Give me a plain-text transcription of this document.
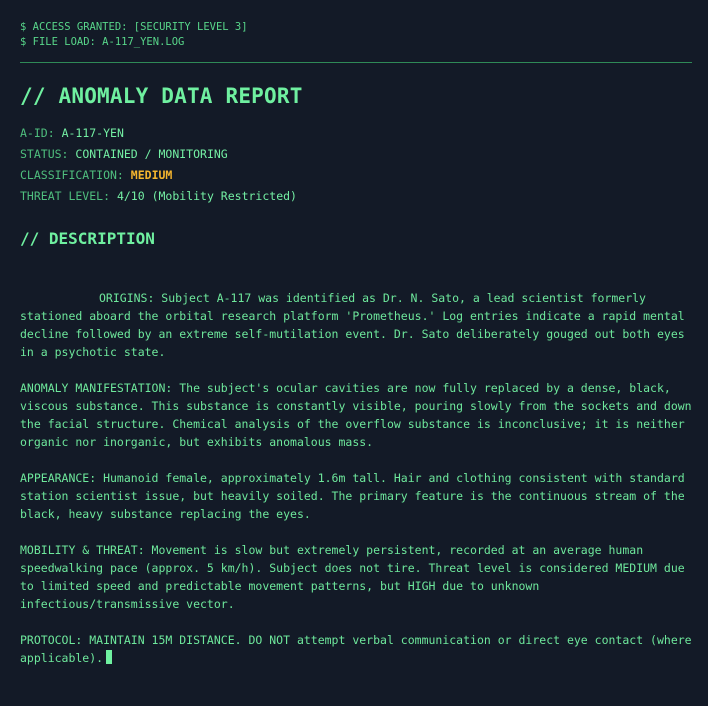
$ ACCESS GRANTED: [SECURITY LEVEL 3]
$ FILE LOAD: A-117_YEN.LOG
// ANOMALY DATA REPORT
A-ID: A-117-YEN
STATUS: CONTAINED / MONITORING
CLASSIFICATION: MEDIUM
THREAT LEVEL: 4/10 (Mobility Restricted)
// DESCRIPTION

ORIGINS: Subject A-117 was identified as Dr. N. Sato, a lead scientist formerly stationed aboard the orbital research platform 'Prometheus.' Log entries indicate a rapid mental decline followed by an extreme self-mutilation event. Dr. Sato deliberately gouged out both eyes in a psychotic state.

ANOMALY MANIFESTATION: The subject's ocular cavities are now fully replaced by a dense, black, viscous substance. This substance is constantly visible, pouring slowly from the sockets and down the facial structure. Chemical analysis of the overflow substance is inconclusive; it is neither organic nor inorganic, but exhibits anomalous mass.

APPEARANCE: Humanoid female, approximately 1.6m tall. Hair and clothing consistent with standard station scientist issue, but heavily soiled. The primary feature is the continuous stream of the black, heavy substance replacing the eyes.

MOBILITY & THREAT: Movement is slow but extremely persistent, recorded at an average human speedwalking pace (approx. 5 km/h). Subject does not tire. Threat level is considered MEDIUM due to limited speed and predictable movement patterns, but HIGH due to unknown infectious/transmissive vector.

PROTOCOL: MAINTAIN 15M DISTANCE. DO NOT attempt verbal communication or direct eye contact (where applicable).
